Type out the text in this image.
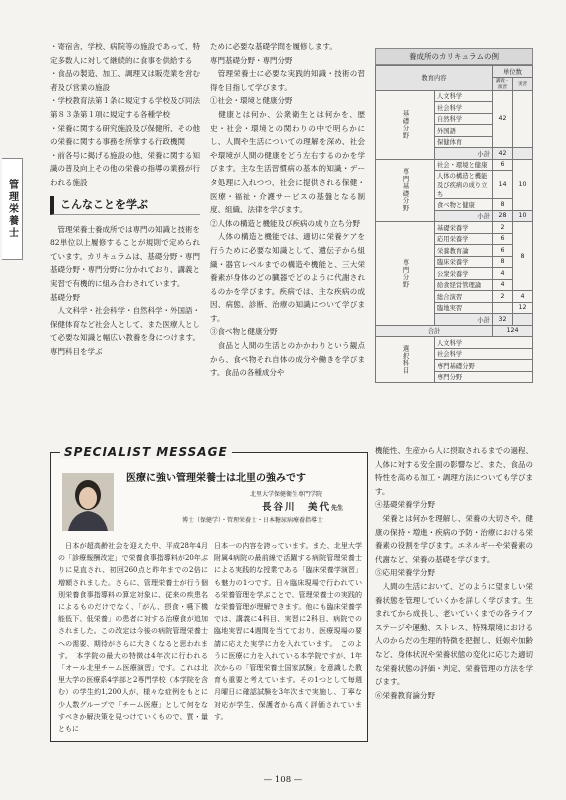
管理栄養士

・寄宿舎、学校、病院等の施設であって、特定多数人に対して継続的に食事を供給する

・食品の製造、加工、調理又は販売業を営む者及び営業の施設

・学校教育法第１条に規定する学校及び同法第８３条第１項に規定する各種学校

・栄養に関する研究施設及び保健所、その他の栄養に関する事務を所掌する行政機関

・前各号に掲げる施設の他、栄養に関する知識の普及向上その他の栄養の指導の業務が行われる施設

こんなことを学ぶ

　管理栄養士養成所では専門の知識と技術を82単位以上履修することが規則で定められています。カリキュラムは、基礎分野・専門基礎分野・専門分野に分かれており、講義と実習で有機的に組み合わされています。

基礎分野

　人文科学・社会科学・自然科学・外国語・保健体育など社会人として、また医療人として必要な知識と幅広い教養を身につけます。専門科目を学ぶ

ために必要な基礎学問を履修します。

専門基礎分野・専門分野

　管理栄養士に必要な実践的知識・技術の習得を目指して学びます。

①社会・環境と健康分野

　健康とは何か、公衆衛生とは何かを、歴史・社会・環境との関わりの中で明らかにし、人間や生活についての理解を深め、社会や環境が人間の健康をどう左右するのかを学びます。主な生活習慣病の基本的知識・データ処理に入れつつ、社会に提供される保健・医療・福祉・介護サービスの基盤となる制度、組織、法律を学びます。

②人体の構造と機能及び疾病の成り立ち分野

　人体の構造と機能では、適切に栄養ケアを行うために必要な知識として、遺伝子から組織・器官レベルまでの構造や機能と、三大栄養素が身体のどの臓器でどのように代謝されるのかを学びます。疾病では、主な疾病の成因、病態、診断、治療の知識について学びます。

③食べ物と健康分野

　食品と人間の生活とのかかわりという観点から、食べ物それ自体の成分や働きを学びます。食品の各種成分や

養成所のカリキュラムの例
教育内容		単位数	
		講義・演習	実習
基礎分野	人文科学	42	
	社会科学		
	自然科学		
	外国語		
	保健体育		
	小計	42	
専門基礎分野	社会・環境と健康	6	10
	人体の構造と機能及び疾病の成り立ち	14	

	食べ物と健康	8	
	小計	28	10
専門分野	基礎栄養学	2	8
	応用栄養学	6	
	栄養教育論	6	
	臨床栄養学	8	
	公衆栄養学	4	
	給食経営管理論	4	
	総合演習	2	4
	臨地実習		12
	小計	32	
合計		124	
選択科目	人文科学		
	社会科学		
	専門基礎分野		
	専門分野		
SPECIALIST MESSAGE
医療に強い管理栄養士は北里の強みです
北里大学保健衛生専門学院
長谷川　美代先生
博士（保健学）・管理栄養士・日本糖尿病療養指導士
　日本が超高齢社会を迎えた中、平成28年4月の「診療報酬改定」で栄養食事指導料が20年ぶりに見直され、初回260点と昨年までの2倍に増額されました。さらに、管理栄養士が行う個別栄養食事指導料の算定対象に、従来の疾患名によるものだけでなく、「がん、摂食・嚥下機能低下、低栄養」の患者に対する治療食が追加されました。この改定は今後の病院管理栄養士への需要、期待がさらに大きくなると思われます。　本学院の最大の特徴は4年次に行われる「オール北里チーム医療演習」です。これは北里大学の医療系4学部と2専門学校（本学院を含む）の学生約1,200人が、様々な症例をもとに少人数グループで「チーム医療」として何をなすべきか解決策を見つけていくもので、質・量ともに
日本一の内容を誇っています。また、北里大学附属4病院の最前線で活躍する病院管理栄養士による実践的な授業である「臨床栄養学演習」も魅力の1つです。日々臨床現場で行われている栄養管理を学ぶことで、管理栄養士の実践的な栄養管理が理解できます。他にも臨床栄養学では、講義に4科目、実習に2科目、病院での臨地実習に4週間を当てており、医療現場の要請に応えた実学に力を入れています。　このように医療に力を入れている本学院ですが、1年次からの「管理栄養士国家試験」を意識した教育も重要と考えています。その1つとして毎週月曜日に確認試験を3年次まで実施し、丁寧な対応が学生、保護者から高く評価されています。

機能性、生産から人に摂取されるまでの過程、人体に対する安全面の影響など、また、食品の特性を高める加工・調理方法についても学びます。

④基礎栄養学分野

　栄養とは何かを理解し、栄養の大切さや、健康の保持・増進・疾病の予防・治療における栄養素の役割を学びます。エネルギーや栄養素の代謝など、栄養の基礎を学びます。

⑤応用栄養学分野

　人間の生活において、どのように望ましい栄養状態を管理していくかを詳しく学びます。生まれてから成長し、老いていくまでの各ライフステージや運動、ストレス、特殊環境における人のからだの生理的特徴を把握し、妊娠や加齢など、身体状況や栄養状態の変化に応じた適切な栄養状態の評価・判定、栄養管理の方法を学びます。

⑥栄養教育論分野

— 108 —
